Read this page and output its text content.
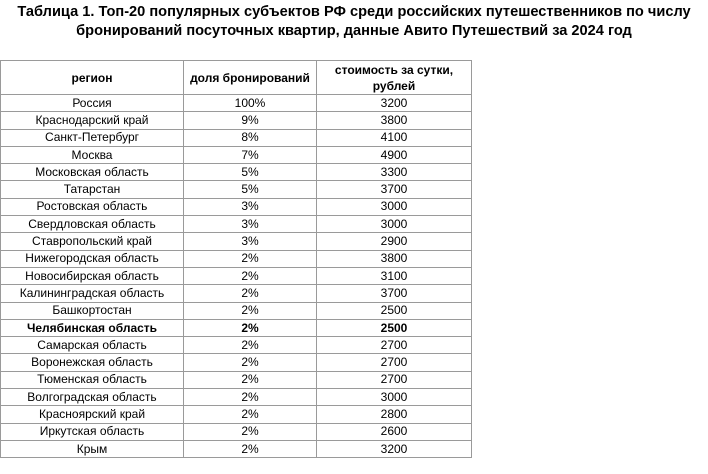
Таблица 1. Топ-20 популярных субъектов РФ среди российских путешественников по числу
бронирований посуточных квартир, данные Авито Путешествий за 2024 год
регион	доля бронирований	стоимость за сутки,
рублей
Россия	100%	3200
Краснодарский край	9%	3800
Санкт-Петербург	8%	4100
Москва	7%	4900
Московская область	5%	3300
Татарстан	5%	3700
Ростовская область	3%	3000
Свердловская область	3%	3000
Ставропольский край	3%	2900
Нижегородская область	2%	3800
Новосибирская область	2%	3100
Калининградская область	2%	3700
Башкортостан	2%	2500
Челябинская область	2%	2500
Самарская область	2%	2700
Воронежская область	2%	2700
Тюменская область	2%	2700
Волгоградская область	2%	3000
Красноярский край	2%	2800
Иркутская область	2%	2600
Крым	2%	3200
